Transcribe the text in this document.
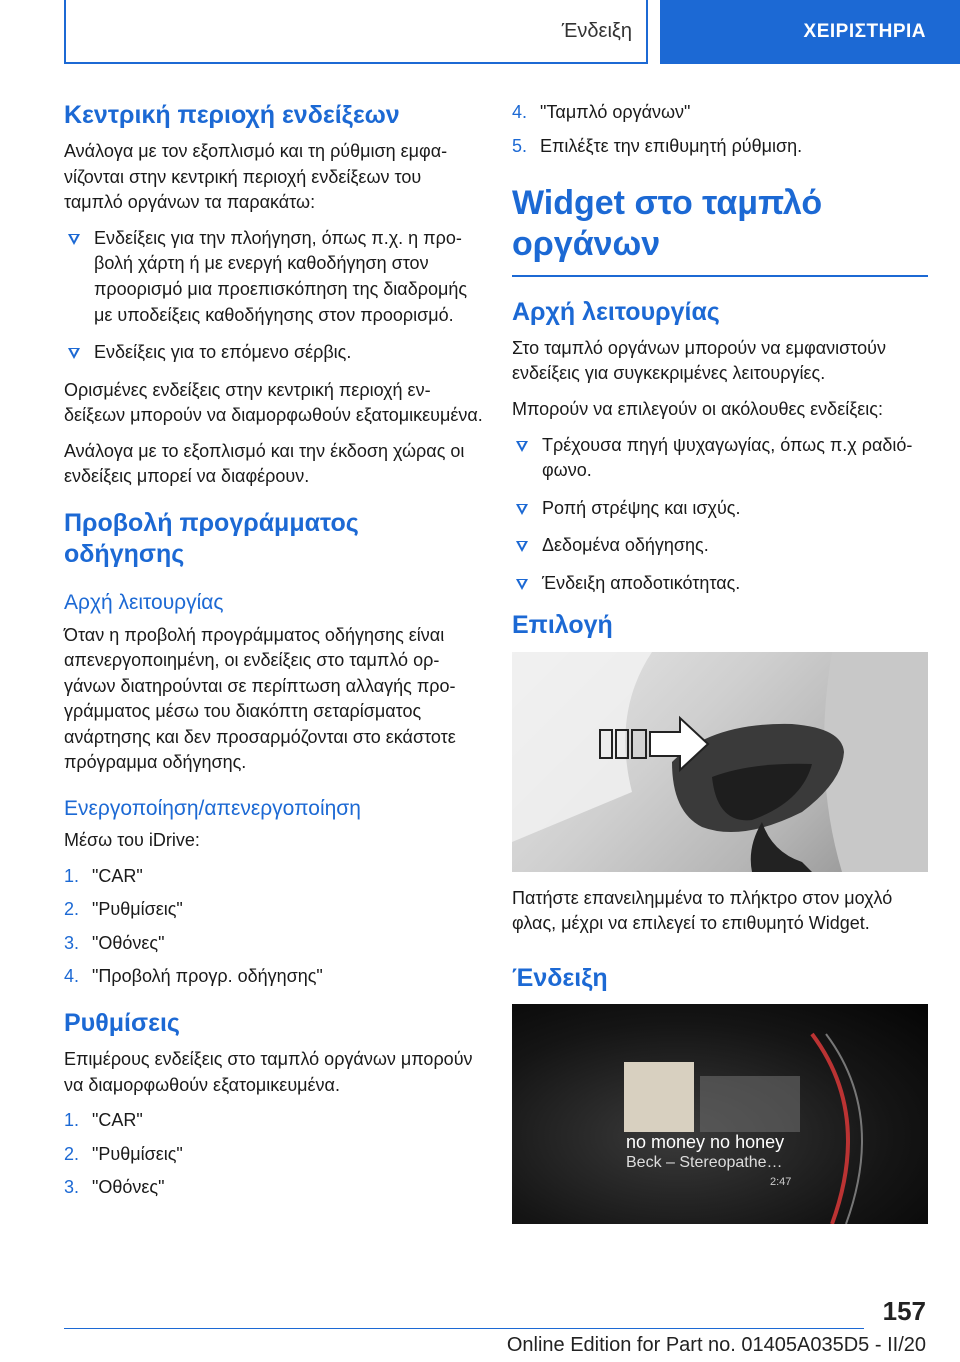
Ένδειξη	ΧΕΙΡΙΣΤΗΡΙΑ
Κεντρική περιοχή ενδείξεων

Ανάλογα με τον εξοπλισμό και τη ρύθμιση εμφανίζονται στην κεντρική περιοχή ενδείξεων του ταμπλό οργάνων τα παρακάτω:

Ενδείξεις για την πλοήγηση, όπως π.χ. η προβολή χάρτη ή με ενεργή καθοδήγηση στον προορισμό μια προεπισκόπηση της διαδρομής με υποδείξεις καθοδήγησης στον προορισμό.
Ενδείξεις για το επόμενο σέρβις.

Ορισμένες ενδείξεις στην κεντρική περιοχή ενδείξεων μπορούν να διαμορφωθούν εξατομικευμένα.

Ανάλογα με το εξοπλισμό και την έκδοση χώρας οι ενδείξεις μπορεί να διαφέρουν.

Προβολή προγράμματος οδήγησης
Αρχή λειτουργίας

Όταν η προβολή προγράμματος οδήγησης είναι απενεργοποιημένη, οι ενδείξεις στο ταμπλό οργάνων διατηρούνται σε περίπτωση αλλαγής προγράμματος μέσω του διακόπτη σεταρίσματος ανάρτησης και δεν προσαρμόζονται στο εκάστοτε πρόγραμμα οδήγησης.

Ενεργοποίηση/απενεργοποίηση

Μέσω του iDrive:

1. "CAR"
2. "Ρυθμίσεις"
3. "Οθόνες"
4. "Προβολή προγρ. οδήγησης"
Ρυθμίσεις

Επιμέρους ενδείξεις στο ταμπλό οργάνων μπορούν να διαμορφωθούν εξατομικευμένα.

1. "CAR"
2. "Ρυθμίσεις"
3. "Οθόνες"
4. "Ταμπλό οργάνων"
5. Επιλέξτε την επιθυμητή ρύθμιση.
Widget στο ταμπλό οργάνων
Αρχή λειτουργίας

Στο ταμπλό οργάνων μπορούν να εμφανιστούν ενδείξεις για συγκεκριμένες λειτουργίες.

Μπορούν να επιλεγούν οι ακόλουθες ενδείξεις:

Τρέχουσα πηγή ψυχαγωγίας, όπως π.χ ραδιόφωνο.
Ροπή στρέψης και ισχύς.
Δεδομένα οδήγησης.
Ένδειξη αποδοτικότητας.
Επιλογή

Πατήστε επανειλημμένα το πλήκτρο στον μοχλό φλας, μέχρι να επιλεγεί το επιθυμητό Widget.

Ένδειξη
no money no honey
Beck – Stereopathe…
2:47
157
Online Edition for Part no. 01405A035D5 - II/20
